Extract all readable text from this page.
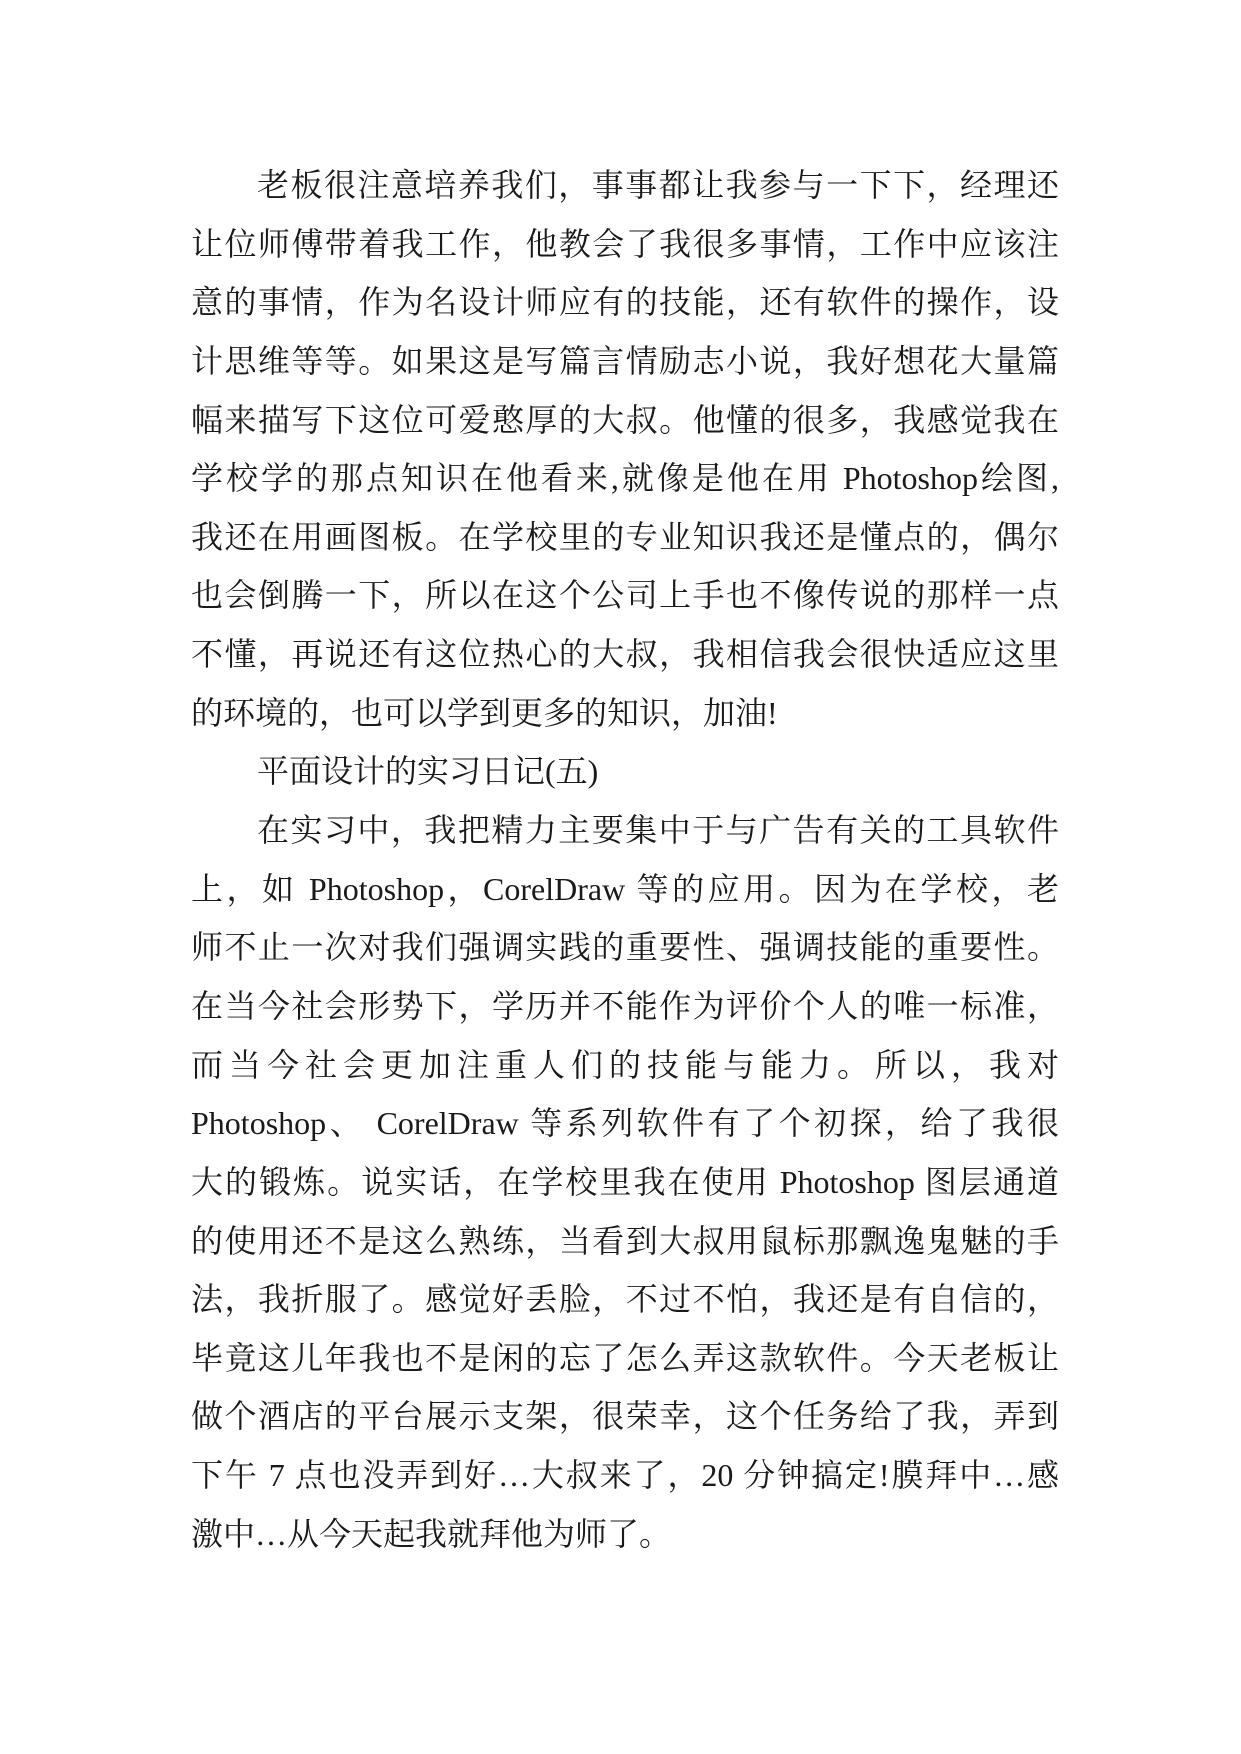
老板很注意培养我们，事事都让我参与一下下，经理还
让位师傅带着我工作，他教会了我很多事情，工作中应该注
意的事情，作为名设计师应有的技能，还有软件的操作，设
计思维等等。如果这是写篇言情励志小说，我好想花大量篇
幅来描写下这位可爱憨厚的大叔。他懂的很多，我感觉我在
学校学的那点知识在他看来,就像是他在用 Photoshop绘图,
我还在用画图板。在学校里的专业知识我还是懂点的，偶尔
也会倒腾一下，所以在这个公司上手也不像传说的那样一点
不懂，再说还有这位热心的大叔，我相信我会很快适应这里
的环境的，也可以学到更多的知识，加油!
平面设计的实习日记(五)
在实习中，我把精力主要集中于与广告有关的工具软件
上，如 Photoshop，CorelDraw 等的应用。因为在学校，老
师不止一次对我们强调实践的重要性、强调技能的重要性。
在当今社会形势下，学历并不能作为评价个人的唯一标准，
而当今社会更加注重人们的技能与能力。所以，我对
Photoshop、 CorelDraw 等系列软件有了个初探，给了我很
大的锻炼。说实话，在学校里我在使用 Photoshop 图层通道
的使用还不是这么熟练，当看到大叔用鼠标那飘逸鬼魅的手
法，我折服了。感觉好丢脸，不过不怕，我还是有自信的，
毕竟这儿年我也不是闲的忘了怎么弄这款软件。今天老板让
做个酒店的平台展示支架，很荣幸，这个任务给了我，弄到
下午 7 点也没弄到好…大叔来了，20 分钟搞定!膜拜中…感
激中…从今天起我就拜他为师了。
